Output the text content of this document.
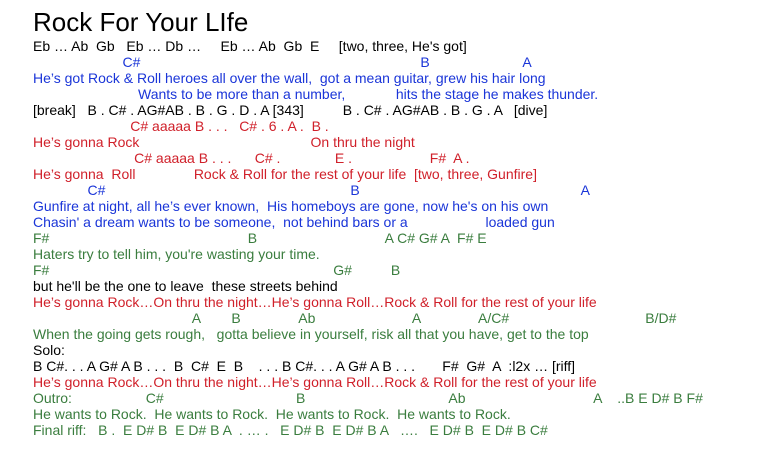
Rock For Your LIfe
Eb … Ab  Gb   Eb … Db …     Eb … Ab  Gb  E     [two, three, He's got]
C#                                                                        B                        A
He’s got Rock & Roll heroes all over the wall,  got a mean guitar, grew his hair long
Wants to be more than a number,             hits the stage he makes thunder.
[break]   B . C# . AG#AB . B . G . D . A [343]          B . C# . AG#AB . B . G . A   [dive]
C# aaaaa B . . .   C# . 6 . A .  B .
He’s gonna Rock                                            On thru the night
C# aaaaa B . . .      C# .              E .                    F#  A .
He’s gonna  Roll               Rock & Roll for the rest of your life  [two, three, Gunfire]
C#                                                               B                                                         A
Gunfire at night, all he’s ever known,  His homeboys are gone, now he's on his own
Chasin' a dream wants to be someone,  not behind bars or a                    loaded gun
F#                                                   B                                 A C# G# A  F# E
Haters try to tell him, you're wasting your time.
F#                                                                         G#          B
but he'll be the one to leave  these streets behind
He’s gonna Rock…On thru the night…He’s gonna Roll…Rock & Roll for the rest of your life
A        B               Ab                         A               A/C#                                   B/D#
When the going gets rough,   gotta believe in yourself, risk all that you have, get to the top
Solo:
B C#. . . A G# A B . . .  B  C#  E  B    . . . B C#. . . A G# A B . . .       F#  G#  A  :l2x … [riff]
He’s gonna Rock…On thru the night…He’s gonna Roll…Rock & Roll for the rest of your life
Outro:                   C#                                  B                                     Ab                                 A    ..B E D# B F#
He wants to Rock.  He wants to Rock.  He wants to Rock.  He wants to Rock.
Final riff:   B .  E D# B  E D# B A  . … .   E D# B  E D# B A   ….   E D# B  E D# B C#
